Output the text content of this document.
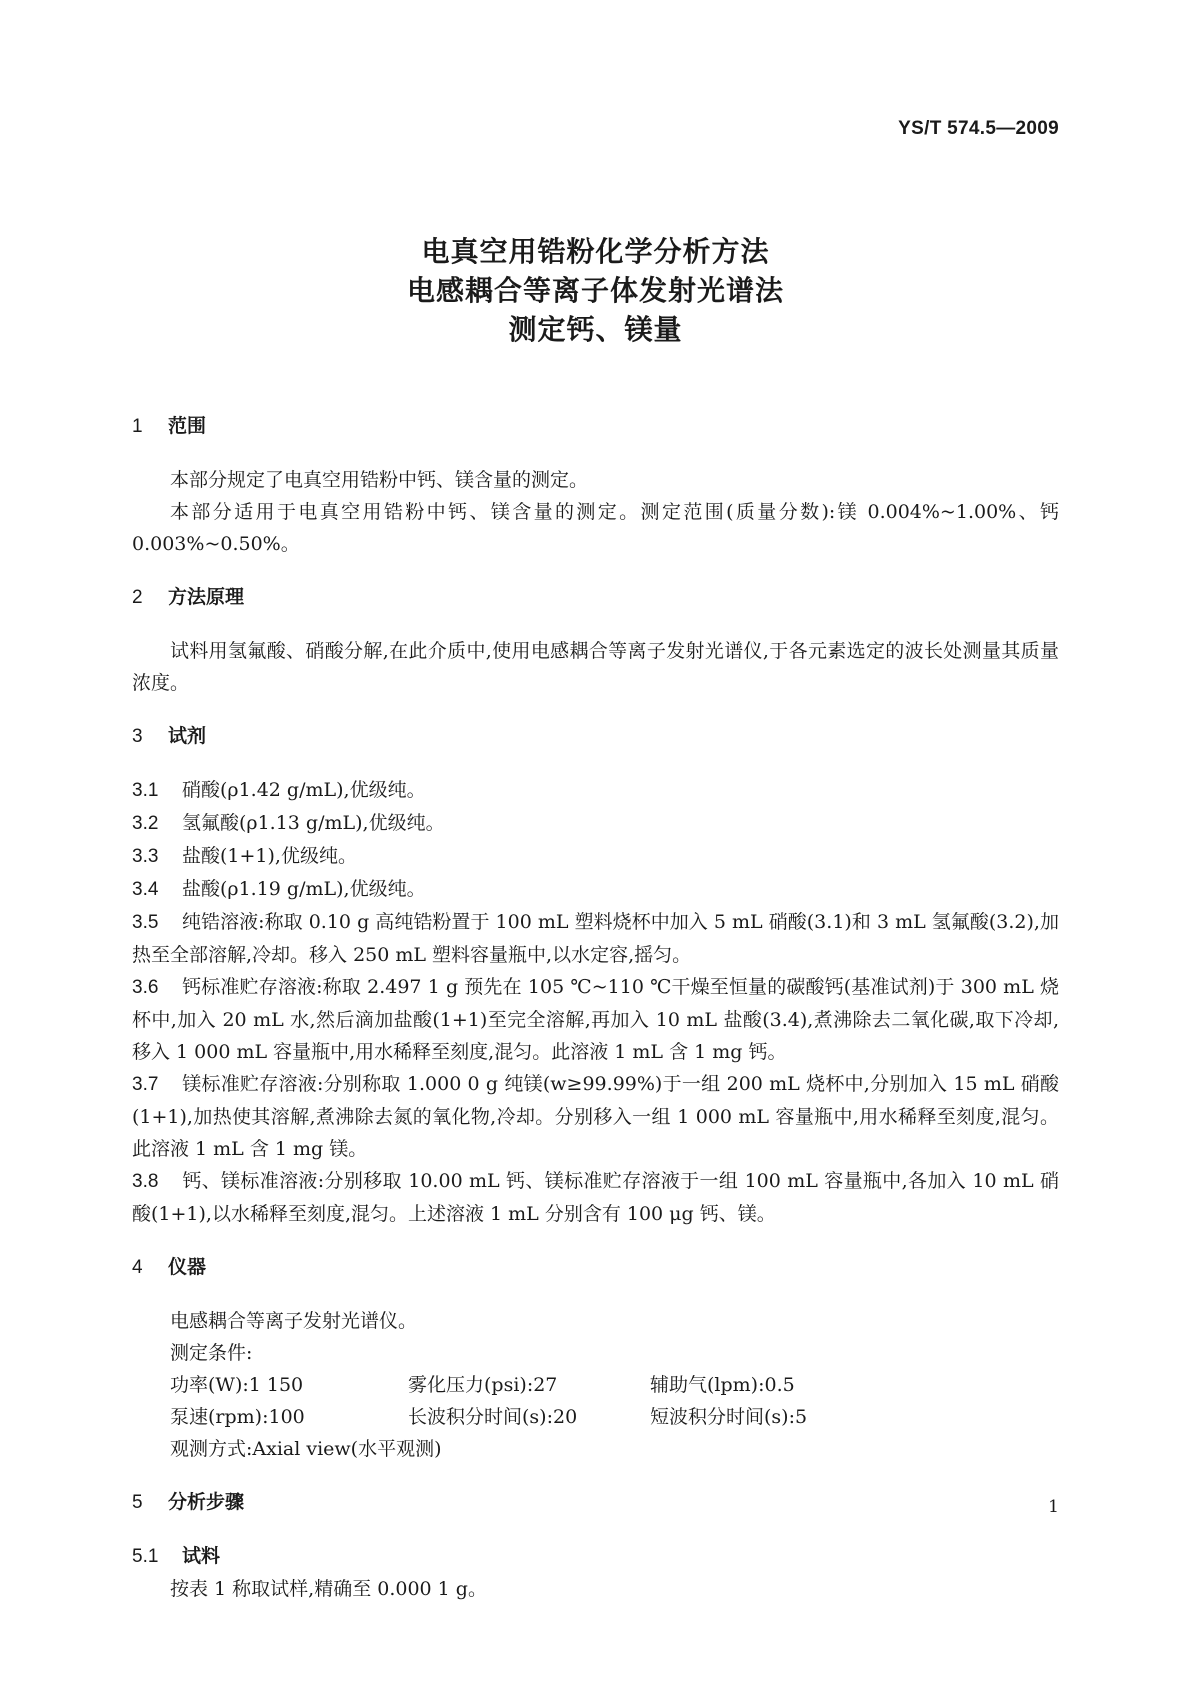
YS/T 574.5—2009
电真空用锆粉化学分析方法
电感耦合等离子体发射光谱法
测定钙、镁量
1 范围

本部分规定了电真空用锆粉中钙、镁含量的测定。

本部分适用于电真空用锆粉中钙、镁含量的测定。测定范围(质量分数):镁 0.004%~1.00%、钙 0.003%~0.50%。

2 方法原理

试料用氢氟酸、硝酸分解,在此介质中,使用电感耦合等离子发射光谱仪,于各元素选定的波长处测量其质量浓度。

3 试剂

3.1 硝酸(ρ1.42 g/mL),优级纯。

3.2 氢氟酸(ρ1.13 g/mL),优级纯。

3.3 盐酸(1+1),优级纯。

3.4 盐酸(ρ1.19 g/mL),优级纯。

3.5 纯锆溶液:称取 0.10 g 高纯锆粉置于 100 mL 塑料烧杯中加入 5 mL 硝酸(3.1)和 3 mL 氢氟酸(3.2),加热至全部溶解,冷却。移入 250 mL 塑料容量瓶中,以水定容,摇匀。

3.6 钙标准贮存溶液:称取 2.497 1 g 预先在 105 ℃~110 ℃干燥至恒量的碳酸钙(基准试剂)于 300 mL 烧杯中,加入 20 mL 水,然后滴加盐酸(1+1)至完全溶解,再加入 10 mL 盐酸(3.4),煮沸除去二氧化碳,取下冷却,移入 1 000 mL 容量瓶中,用水稀释至刻度,混匀。此溶液 1 mL 含 1 mg 钙。

3.7 镁标准贮存溶液:分别称取 1.000 0 g 纯镁(w≥99.99%)于一组 200 mL 烧杯中,分别加入 15 mL 硝酸(1+1),加热使其溶解,煮沸除去氮的氧化物,冷却。分别移入一组 1 000 mL 容量瓶中,用水稀释至刻度,混匀。此溶液 1 mL 含 1 mg 镁。

3.8 钙、镁标准溶液:分别移取 10.00 mL 钙、镁标准贮存溶液于一组 100 mL 容量瓶中,各加入 10 mL 硝酸(1+1),以水稀释至刻度,混匀。上述溶液 1 mL 分别含有 100 μg 钙、镁。

4 仪器

电感耦合等离子发射光谱仪。

测定条件:

功率(W):1 150	雾化压力(psi):27	辅助气(lpm):0.5
泵速(rpm):100	长波积分时间(s):20	短波积分时间(s):5

观测方式:Axial view(水平观测)

5 分析步骤
5.1 试料

按表 1 称取试样,精确至 0.000 1 g。

1
